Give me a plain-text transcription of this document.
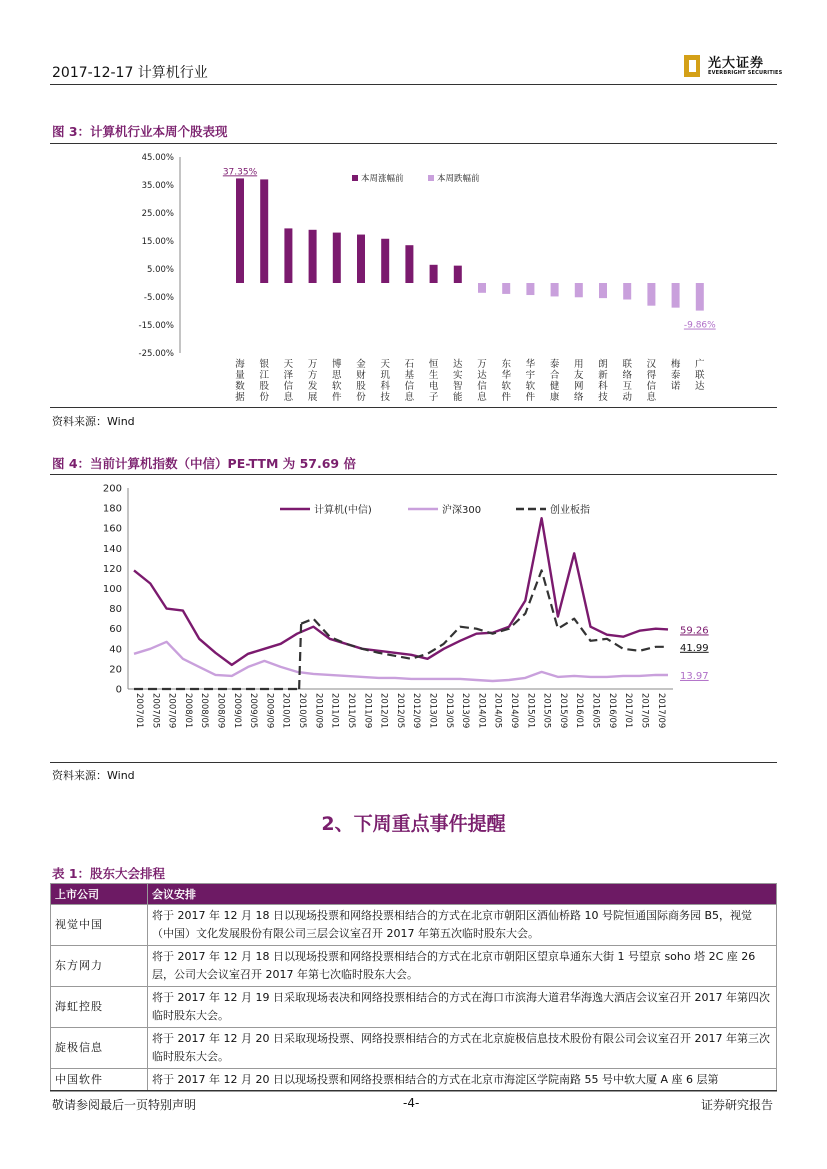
2017-12-17 计算机行业
光大证券
EVERBRIGHT SECURITIES
图 3：计算机行业本周个股表现
45.00%
35.00%
25.00%
15.00%
5.00%
-5.00%
-15.00%
-25.00%
37.35%
-9.86%
本周涨幅前	本周跌幅前
海量数据
银江股份
天泽信息
万方发展
博思软件
金财股份
天玑科技
石基信息
恒生电子
达实智能
万达信息
东华软件
华宇软件
泰合健康
用友网络
朗新科技
联络互动
汉得信息
梅泰诺
广联达
资料来源：Wind
图 4：当前计算机指数（中信）PE-TTM 为 57.69 倍
0
20
40
60
80
100
120
140
160
180
200
59.26
41.99
13.97
计算机(中信)	沪深300	创业板指
2007/01 2007/05 2007/09 2008/01 2008/05 2008/09 2009/01 2009/05 2009/09 2010/01 2010/05 2010/09 2011/01 2011/05 2011/09 2012/01 2012/05 2012/09 2013/01 2013/05 2013/09 2014/01 2014/05 2014/09 2015/01 2015/05 2015/09 2016/01 2016/05 2016/09 2017/01 2017/05 2017/09
资料来源：Wind
2、下周重点事件提醒
表 1：股东大会排程
上市公司	会议安排
视觉中国	将于 2017 年 12 月 18 日以现场投票和网络投票相结合的方式在北京市朝阳区酒仙桥路 10 号院恒通国际商务园 B5，视觉（中国）文化发展股份有限公司三层会议室召开 2017 年第五次临时股东大会。
东方网力	将于 2017 年 12 月 18 日以现场投票和网络投票相结合的方式在北京市朝阳区望京阜通东大街 1 号望京 soho 塔 2C 座 26 层，公司大会议室召开 2017 年第七次临时股东大会。
海虹控股	将于 2017 年 12 月 19 日采取现场表决和网络投票相结合的方式在海口市滨海大道君华海逸大酒店会议室召开 2017 年第四次临时股东大会。
旋极信息	将于 2017 年 12 月 20 日采取现场投票、网络投票相结合的方式在北京旋极信息技术股份有限公司会议室召开 2017 年第三次临时股东大会。
中国软件	将于 2017 年 12 月 20 日以现场投票和网络投票相结合的方式在北京市海淀区学院南路 55 号中软大厦 A 座 6 层第
敬请参阅最后一页特别声明	-4-	证券研究报告
